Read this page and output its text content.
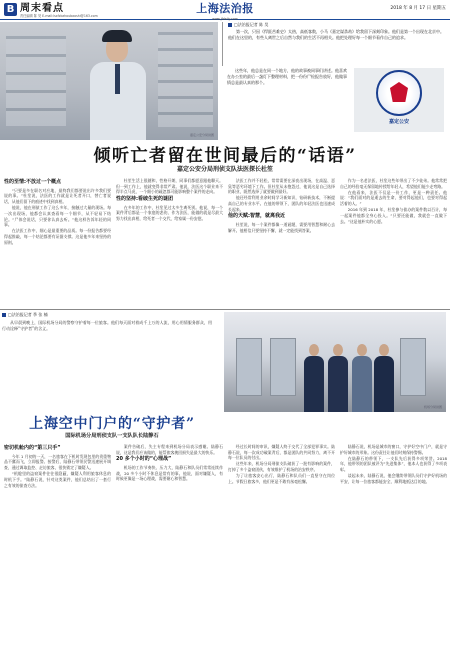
B 周末看点
责任编辑 陈 昊 E-mail:lsxfzbzhoubaoshi@163.com
上海法治报
www.jfdaily.com
2018 年 8 月 17 日 星期五
嘉定公安分局供图
□法治报记者 陈 昊
第一次，只因《悍匪苦难史》太热，高低客数，小马《嘉定谋杀劫》给我留下深刻印象。他们是第一个出现在北京中。他们在这里的，有些人离世之后自然与我们的生活不再相关。他把处理好每一个细节看作自己的追求。
这些年，他总是在同一个地方，他的故事被同事们讲述。他喜欢在办公室的最后一盏灯下整理材料，把一份份尸检报告放好，他做事情总是最认真的那个。
嘉定公安
倾听亡者留在世间最后的“话语”
嘉定公安分局刑侦支队法医探长杜笙
性的至情:不放过一个概点

“只要是多在职名对应地，最终我们都要说出许多我们要说的事。”杜笙说，法医的工作就是让死者开口，替亡者说话，从他们留下的痕迹中找到真相。

他说，他在刑侦工作了这么多年，接触过大量的现场。每一次出现场，他都会认真查看每一个细节，从不轻易下结论。“尸体会说话，只要你认真去听。”他这样告诉年轻的同事。

在法医工作中，细心是最重要的品质。每一份报告都要经得起推敲，每一个结论都要有证据支撑。这是他多年来坚持的原则。

杜笙生活上很随和，性格开朗，同事们都愿意跟他聊天。但一到工作上，他就变得非常严肃。他说，法医这个职业来不得半点马虎，一个细小的疏忽都可能影响整个案件的走向。

性的坚持:看破生死的谜团

在多年的工作中，杜笙见过太多生离死别。他说，每一个案件背后都是一个家庭的悲伤，作为法医，能做的就是尽最大努力找出真相，给死者一个交代，给家属一份安慰。

法医工作并不轻松，常常需要在深夜出现场，在高温、恶臭等恶劣环境下工作。但杜笙从未抱怨过，他说这是自己选择的职业，既然选择了就要做到最好。

他还经常利用业余时间学习新知识，钻研新技术，不断提高自己的专业水平。在他的带领下，团队的年轻法医也迅速成长起来。

他的天赋:智慧，就离我近

杜笙说，每一个案件都像一道谜题，需要用智慧和耐心去解开。他相信只要坚持不懈，就一定能找到答案。

作为一名老法医，杜笙这些年带出了不少徒弟。他常常把自己的经验毫无保留地传授给年轻人，希望他们能少走弯路。

在他看来，法医不仅是一份工作，更是一种责任。他说：“我们面对的是逝去的生命，要对得起他们，也要对得起活着的人。”

2016 年到 2018 年，杜笙参与侦办的案件数以百计，每一起案件他都全身心投入。“只要还能做，我就会一直做下去。”这是他朴实的心愿。

□法治报记者 季 张 楠
从早晨到晚上，国际机场分局的警察守护着每一位旅客。他们每天面对着成千上万的人流，用心用情服务群众，用行动诠释“守护者”的含义。
机场分局供图
上海空中门户的“守护者”
国际机场分局刑侦支队一支队队长陆静石
密切机舱内的“第三只手”

今年 1 月初的一天，一名旅客在下机时发现包里的贵重物品不翼而飞，立即报警。接警后，陆静石带领民警迅速展开调查，通过调取监控、走访旅客，很快锁定了嫌疑人。

“机舱里的盗窃案件往往很隐蔽，嫌疑人利用旅客休息的时机下手。”陆静石说，针对这类案件，他们总结出了一套行之有效的侦查方法。

案件告破后，失主专程来到机场分局表示感谢。陆静石说，这是我们应该做的，能帮旅客挽回损失是最大的快乐。

20 多个小时的“心理战”

机场的工作节奏快、压力大，陆静石和队员们常常连续作战，20 多个小时不休息是常有的事。他说，面对嫌疑人，有时候更像是一场心理战，需要耐心和智慧。

经过长时间的审讯，嫌疑人终于交代了全部犯罪事实。陆静石说，每一次成功破案背后，都是团队的共同努力，离不开每一位队员的付出。

这些年来，机场分局刑侦支队破获了一批有影响的案件，打掉了多个盗窃团伙，有效维护了机场的治安秩序。

为了让旅客安心出行，陆静石和队员们一直坚守在岗位上。节假日旅客多，他们更是不敢有丝毫松懈。

陆静石说，机场是城市的窗口，守护好空中门户，就是守护好城市的形象。这份责任让他们时刻保持警惕。

在陆静石的带领下，一支队先后获得多项荣誉。2018 年，他带领的团队被评为“先进集体”，他本人也获得了多项表彰。

谈起未来，陆静石说，他会继续带领队员们守护好机场的平安，让每一位旅客都能安全、顺利地抵达目的地。
